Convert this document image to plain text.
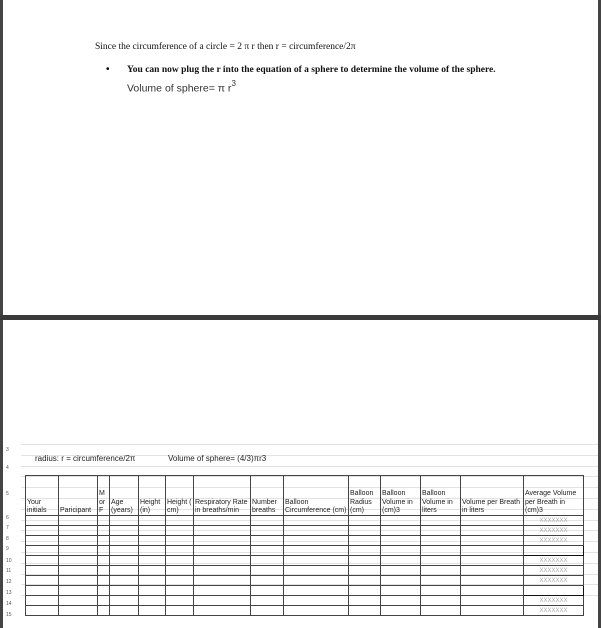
Since the circumference of a circle = 2 π r then r = circumference/2π
• You can now plug the r into the equation of a sphere to determine the volume of the sphere.
Volume of sphere= π $r^3$
3
4
5
6
7
8
9
10
11
12
13
14
15
radius: r = circumference/2π	Volume of sphere= (4/3)πr3
Your initials	Paricipant	M or F	Age (years)	Height (in)	Height ( cm)	Respiratory Rate in breaths/min	Number breaths	Balloon Circumference (cm)	Balloon Radius (cm)	Balloon Volume in (cm)3	Balloon Volume in liters	Volume per Breath in liters	Average Volume per Breath in (cm)3
													XXXXXXX
													XXXXXXX
													XXXXXXX

													XXXXXXX
													XXXXXXX
													XXXXXXX

													XXXXXXX
													XXXXXXX
